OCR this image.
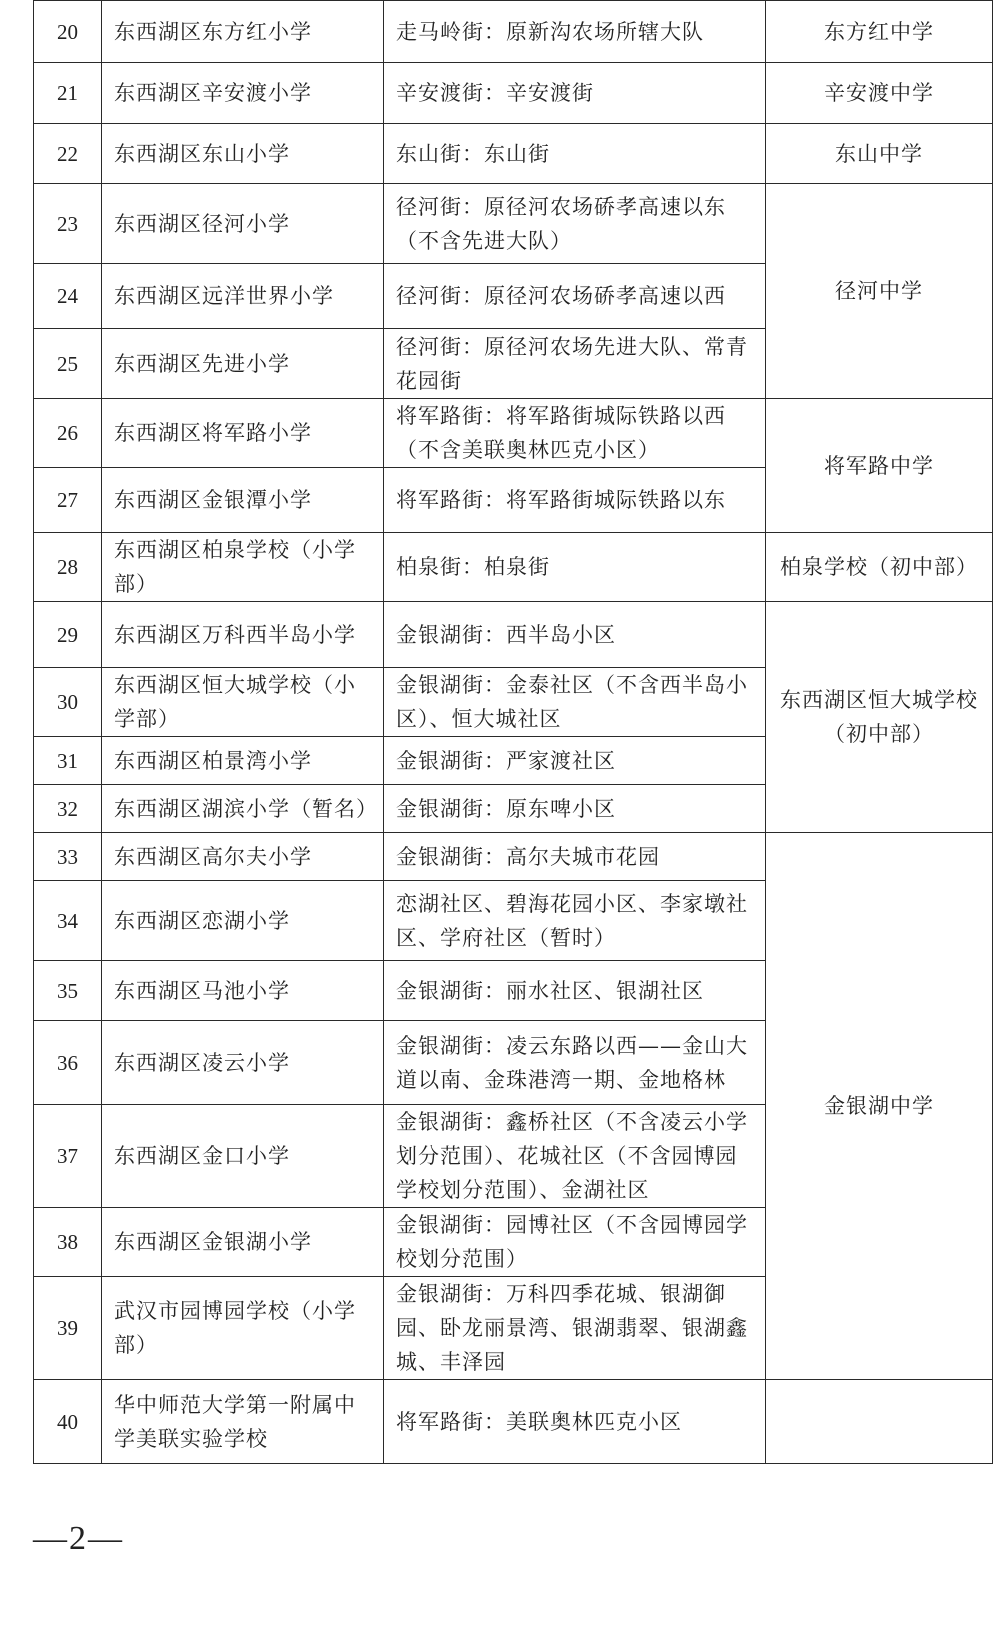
20	东西湖区东方红小学	走马岭街：原新沟农场所辖大队	东方红中学
21	东西湖区辛安渡小学	辛安渡街：辛安渡街	辛安渡中学
22	东西湖区东山小学	东山街：东山街	东山中学
23	东西湖区径河小学	径河街：原径河农场硚孝高速以东（不含先进大队）	径河中学
24	东西湖区远洋世界小学	径河街：原径河农场硚孝高速以西	
25	东西湖区先进小学	径河街：原径河农场先进大队、常青花园街	
26	东西湖区将军路小学	将军路街：将军路街城际铁路以西（不含美联奥林匹克小区）	将军路中学
27	东西湖区金银潭小学	将军路街：将军路街城际铁路以东	
28	东西湖区柏泉学校（小学部）	柏泉街：柏泉街	柏泉学校（初中部）
29	东西湖区万科西半岛小学	金银湖街：西半岛小区	东西湖区恒大城学校（初中部）
30	东西湖区恒大城学校（小学部）	金银湖街：金泰社区（不含西半岛小区）、恒大城社区	
31	东西湖区柏景湾小学	金银湖街：严家渡社区	
32	东西湖区湖滨小学（暂名）	金银湖街：原东啤小区	
33	东西湖区高尔夫小学	金银湖街：高尔夫城市花园	金银湖中学
34	东西湖区恋湖小学	恋湖社区、碧海花园小区、李家墩社区、学府社区（暂时）	
35	东西湖区马池小学	金银湖街：丽水社区、银湖社区	
36	东西湖区凌云小学	金银湖街：凌云东路以西——金山大道以南、金珠港湾一期、金地格林	
37	东西湖区金口小学	金银湖街：鑫桥社区（不含凌云小学划分范围）、花城社区（不含园博园学校划分范围）、金湖社区	
38	东西湖区金银湖小学	金银湖街：园博社区（不含园博园学校划分范围）	
39	武汉市园博园学校（小学部）	金银湖街：万科四季花城、银湖御园、卧龙丽景湾、银湖翡翠、银湖鑫城、丰泽园	
40	华中师范大学第一附属中学美联实验学校	将军路街：美联奥林匹克小区	
—2—
